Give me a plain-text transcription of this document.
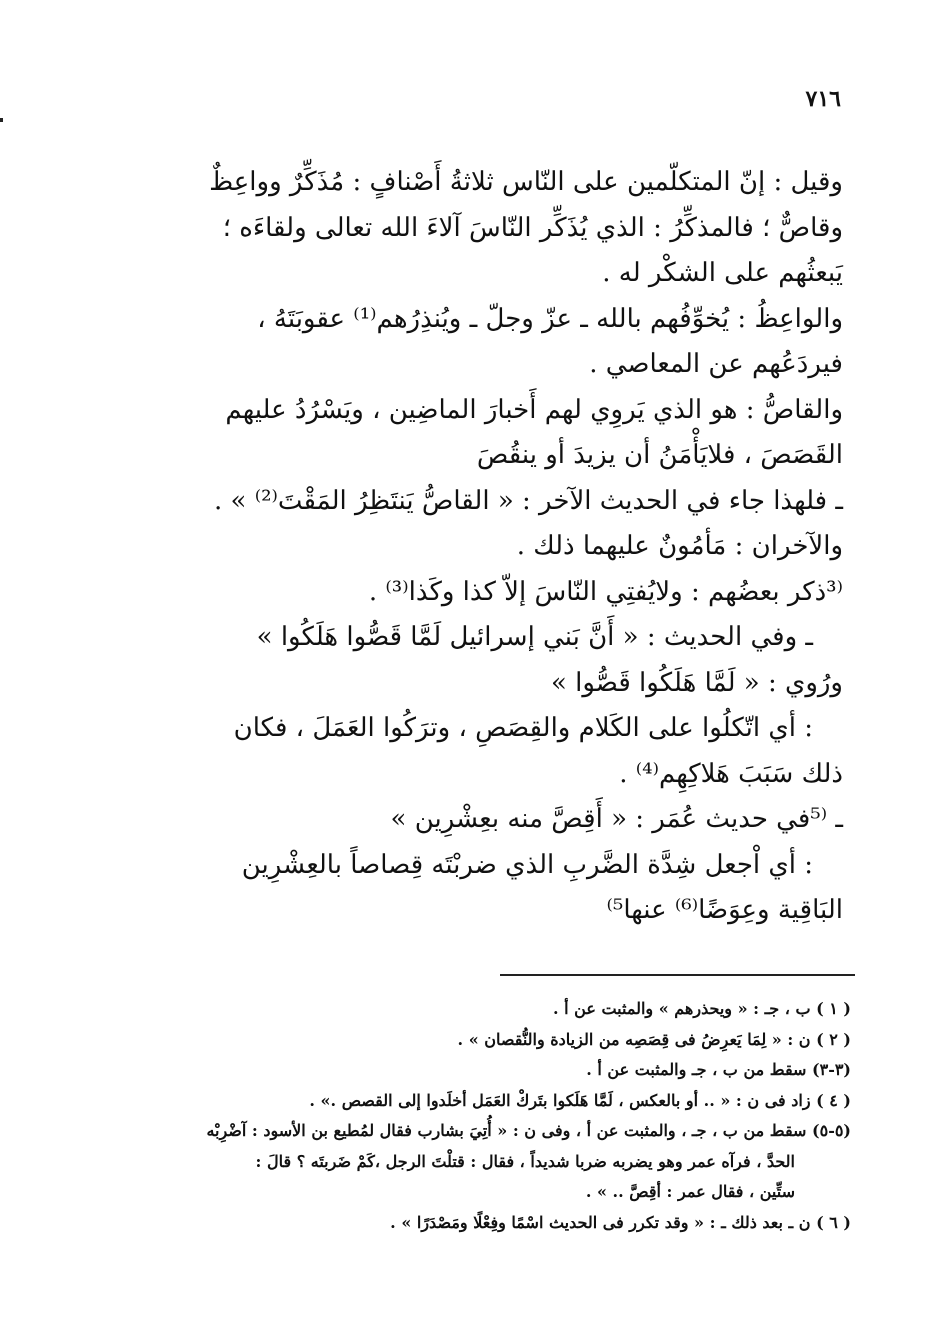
٧١٦
وقيل : إنّ المتكلّمين على النّاس ثلاثةُ أَصْنافٍ : مُذَكِّرٌ وواعِظٌ
وقاصٌّ ؛ فالمذكِّرُ : الذي يُذَكِّر النّاسَ آلاءَ الله تعالى ولقاءَه ؛
يَبعثُهم على الشكْر له .
والواعِظُ : يُخوِّفُهم بالله ـ عزّ وجلّ ـ ويُنذِرُهم⁽¹⁾ عقوبَتَهُ ،
فيردَعُهم عن المعاصي .
والقاصُّ : هو الذي يَروِي لهم أَخبارَ الماضِين ، ويَسْرُدُ عليهم
القَصَصَ ، فلايَأْمَنُ أن يزيدَ أو ينقُصَ
ـ فلهذا جاء في الحديث الآخر : « القاصُّ يَنتَظِرُ المَقْتَ⁽²⁾ » .
والآخران : مَأمُونٌ عليهما ذلك .
⁽³ذكر بعضُهم : ولايُفتِي النّاسَ إلاّ كذا وكَذا⁽³⁾ .
ـ وفي الحديث : « أَنَّ بَني إسرائيل لَمَّا قَصُّوا هَلَكُوا »
ورُوي : « لَمَّا هَلَكُوا قَصُّوا »
: أي اتّكلُوا على الكَلام والقِصَصِ ، وترَكُوا العَمَلَ ، فكان
ذلك سَبَبَ هَلاكِهِم⁽⁴⁾ .
ـ ⁽⁵في حديث عُمَر : « أَقِصَّ منه بعِشْرِين »
: أي اْجعل شِدَّة الضَّربِ الذي ضربْتَه قِصاصاً بالعِشْرِين
البَاقِية وعِوَضًا⁽⁶⁾ عنها⁵⁾
( ١ ) ب ، جـ : « ويحذرهم » والمثبت عن أ .
( ٢ ) ن : « لِمَا يَعرِضُ فى قِصَصِه من الزيادة والنُّقصان » .
(٣-٣) سقط من ب ، جـ والمثبت عن أ .
( ٤ ) زاد فى ن : « .. أو بالعكس ، لَمَّا هَلَكوا بتَركْ العَمَل أخلَدوا إلى القصص .» .
(٥-٥) سقط من ب ، جـ ، والمثبت عن أ ، وفى ن : « أُتِيَ بشارب فقال لمُطيع بن الأسود : آضْرِبْه
الحدَّ ، فرآه عمر وهو يضربه ضربا شديداً ، فقال : قتلْتَ الرجل ،كَمْ ضَربتَه ؟ قالَ :
ستِّين ، فقال عمر : أقِصَّ .. » .
( ٦ ) ن ـ بعد ذلك ـ : « وقد تكرر فى الحديث اسْمًا وفِعْلًا ومَصْدَرًا » .
